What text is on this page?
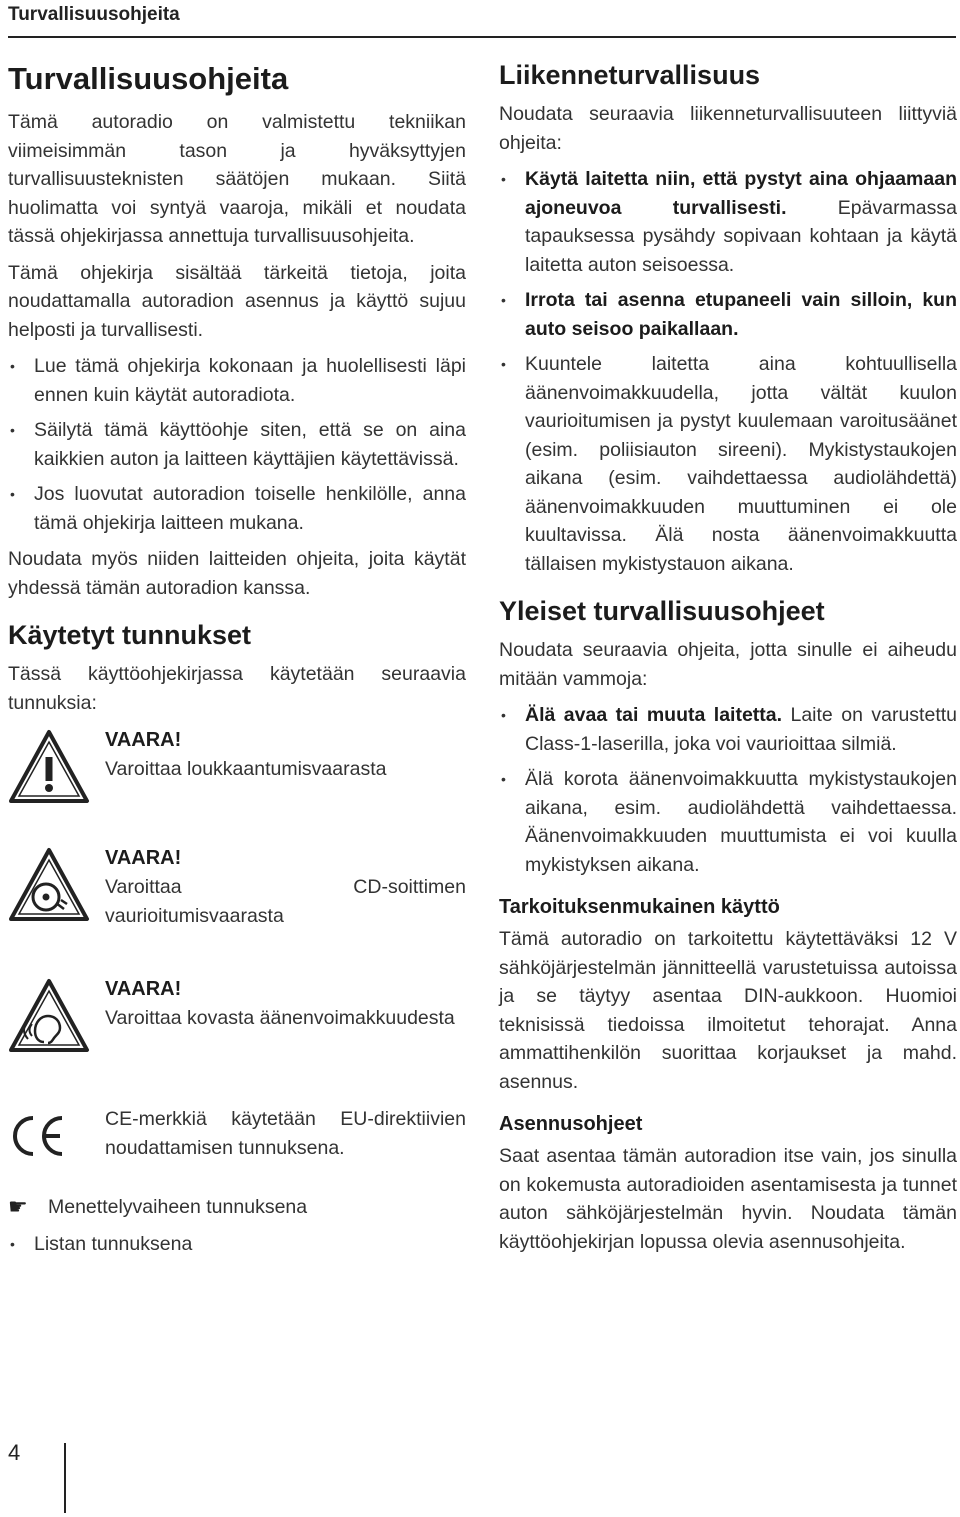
Turvallisuusohjeita
Turvallisuusohjeita

Tämä autoradio on valmistettu tekniikan viimeisimmän tason ja hyväksyttyjen turvallisuusteknisten säätöjen mukaan. Siitä huolimatta voi syntyä vaaroja, mikäli et noudata tässä ohjekirjassa annettuja turvallisuusohjeita.

Tämä ohjekirja sisältää tärkeitä tietoja, joita noudattamalla autoradion asennus ja käyttö sujuu helposti ja turvallisesti.

• Lue tämä ohjekirja kokonaan ja huolellisesti läpi ennen kuin käytät autoradiota.
• Säilytä tämä käyttöohje siten, että se on aina kaikkien auton ja laitteen käyttäjien käytettävissä.
• Jos luovutat autoradion toiselle henkilölle, anna tämä ohjekirja laitteen mukana.

Noudata myös niiden laitteiden ohjeita, joita käytät yhdessä tämän autoradion kanssa.

Käytetyt tunnukset

Tässä käyttöohjekirjassa käytetään seuraavia tunnuksia:

VAARA!
Varoittaa loukkaantumisvaarasta
VAARA!
Varoittaa CD-soittimen vaurioitumisvaarasta
VAARA!
Varoittaa kovasta äänenvoimakkuudesta
CE-merkkiä käytetään EU-direktiivien noudattamisen tunnuksena.
☛ Menettelyvaiheen tunnuksena
• Listan tunnuksena
Liikenneturvallisuus

Noudata seuraavia liikenneturvallisuuteen liittyviä ohjeita:

• Käytä laitetta niin, että pystyt aina ohjaamaan ajoneuvoa turvallisesti. Epävarmassa tapauksessa pysähdy sopivaan kohtaan ja käytä laitetta auton seisoessa.
• Irrota tai asenna etupaneeli vain silloin, kun auto seisoo paikallaan.
• Kuuntele laitetta aina kohtuullisella äänenvoimakkuudella, jotta vältät kuulon vaurioitumisen ja pystyt kuulemaan varoitusäänet (esim. poliisiauton sireeni). Mykistystaukojen aikana (esim. vaihdettaessa audiolähdettä) äänenvoimakkuuden muuttuminen ei ole kuultavissa. Älä nosta äänenvoimakkuutta tällaisen mykistystauon aikana.
Yleiset turvallisuusohjeet

Noudata seuraavia ohjeita, jotta sinulle ei aiheudu mitään vammoja:

• Älä avaa tai muuta laitetta. Laite on varustettu Class-1-laserilla, joka voi vaurioittaa silmiä.
• Älä korota äänenvoimakkuutta mykistystaukojen aikana, esim. audiolähdettä vaihdettaessa. Äänenvoimakkuuden muuttumista ei voi kuulla mykistyksen aikana.
Tarkoituksenmukainen käyttö

Tämä autoradio on tarkoitettu käytettäväksi 12 V sähköjärjestelmän jännitteellä varustetuissa autoissa ja se täytyy asentaa DIN-aukkoon. Huomioi teknisissä tiedoissa ilmoitetut tehorajat. Anna ammattihenkilön suorittaa korjaukset ja mahd. asennus.

Asennusohjeet

Saat asentaa tämän autoradion itse vain, jos sinulla on kokemusta autoradioiden asentamisesta ja tunnet auton sähköjärjestelmän hyvin. Noudata tämän käyttöohjekirjan lopussa olevia asennusohjeita.

4
